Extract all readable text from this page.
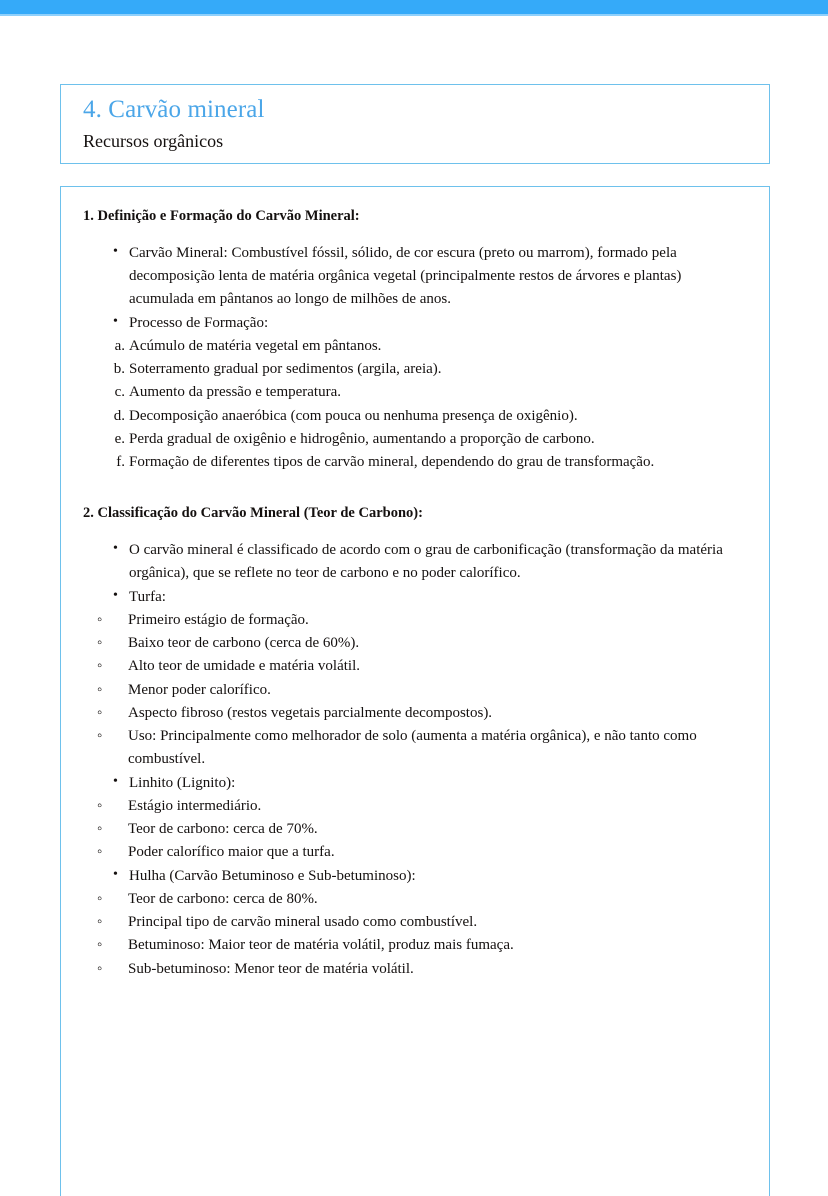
4. Carvão mineral
Recursos orgânicos
1. Definição e Formação do Carvão Mineral:
• Carvão Mineral: Combustível fóssil, sólido, de cor escura (preto ou marrom), formado pela decomposição lenta de matéria orgânica vegetal (principalmente restos de árvores e plantas) acumulada em pântanos ao longo de milhões de anos.
• Processo de Formação:
Acúmulo de matéria vegetal em pântanos.
Soterramento gradual por sedimentos (argila, areia).
Aumento da pressão e temperatura.
Decomposição anaeróbica (com pouca ou nenhuma presença de oxigênio).
Perda gradual de oxigênio e hidrogênio, aumentando a proporção de carbono.
Formação de diferentes tipos de carvão mineral, dependendo do grau de transformação.
2. Classificação do Carvão Mineral (Teor de Carbono):
• O carvão mineral é classificado de acordo com o grau de carbonificação (transformação da matéria orgânica), que se reflete no teor de carbono e no poder calorífico.
• Turfa:
◦ Primeiro estágio de formação.
◦ Baixo teor de carbono (cerca de 60%).
◦ Alto teor de umidade e matéria volátil.
◦ Menor poder calorífico.
◦ Aspecto fibroso (restos vegetais parcialmente decompostos).
◦ Uso: Principalmente como melhorador de solo (aumenta a matéria orgânica), e não tanto como combustível.
• Linhito (Lignito):
◦ Estágio intermediário.
◦ Teor de carbono: cerca de 70%.
◦ Poder calorífico maior que a turfa.
• Hulha (Carvão Betuminoso e Sub-betuminoso):
◦ Teor de carbono: cerca de 80%.
◦ Principal tipo de carvão mineral usado como combustível.
◦ Betuminoso: Maior teor de matéria volátil, produz mais fumaça.
◦ Sub-betuminoso: Menor teor de matéria volátil.
